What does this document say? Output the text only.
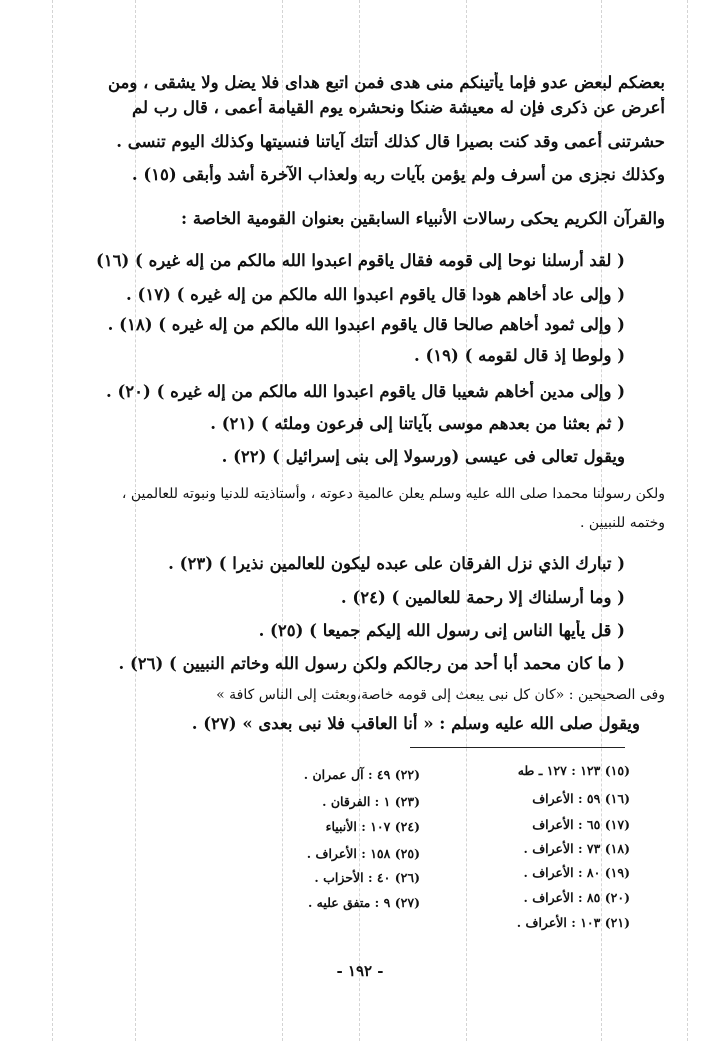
بعضكم لبعض عدو فإما يأتينكم منى هدى فمن اتبع هداى فلا يضل ولا يشقى ، ومن
أعرض عن ذكرى فإن له معيشة ضنكا ونحشره يوم القيامة أعمى ، قال رب لم
حشرتنى أعمى وقد كنت بصيرا قال كذلك أتتك آياتنا فنسيتها وكذلك اليوم تنسى .
وكذلك نجزى من أسرف ولم يؤمن بآيات ربه ولعذاب الآخرة أشد وأبقى (١٥) .
والقرآن الكريم يحكى رسالات الأنبياء السابقين بعنوان القومية الخاصة :
( لقد أرسلنا نوحا إلى قومه فقال ياقوم اعبدوا الله مالكم من إله غيره ) (١٦)
( وإلى عاد أخاهم هودا قال ياقوم اعبدوا الله مالكم من إله غيره ) (١٧) .
( وإلى ثمود أخاهم صالحا قال ياقوم اعبدوا الله مالكم من إله غيره ) (١٨) .
( ولوطا إذ قال لقومه ) (١٩) .
( وإلى مدين أخاهم شعيبا قال ياقوم اعبدوا الله مالكم من إله غيره ) (٢٠) .
( ثم بعثنا من بعدهم موسى بآياتنا إلى فرعون وملئه ) (٢١) .
ويقول تعالى فى عيسى (ورسولا إلى بنى إسرائيل ) (٢٢) .
ولكن رسولنا محمدا صلى الله عليه وسلم يعلن عالمية دعوته ، وأستاذيته للدنيا ونبوته للعالمين ،
وختمه للنبيين .
( تبارك الذي نزل الفرقان على عبده ليكون للعالمين نذيرا ) (٢٣) .
( وما أرسلناك إلا رحمة للعالمين ) (٢٤) .
( قل يأيها الناس إنى رسول الله إليكم جميعا ) (٢٥) .
( ما كان محمد أبا أحد من رجالكم ولكن رسول الله وخاتم النبيين ) (٢٦) .
وفى الصحيحين : «كان كل نبى يبعث إلى قومه خاصة،وبعثت إلى الناس كافة »
ويقول صلى الله عليه وسلم : « أنا العاقب فلا نبى بعدى » (٢٧) .
(١٥) ١٢٣ : ١٢٧ ـ طه
(١٦) ٥٩ : الأعراف
(١٧) ٦٥ : الأعراف
(١٨) ٧٣ : الأعراف .
(١٩) ٨٠ : الأعراف .
(٢٠) ٨٥ : الأعراف .
(٢١) ١٠٣ : الأعراف .
(٢٢) ٤٩ : آل عمران .
(٢٣) ١ : الفرقان .
(٢٤) ١٠٧ : الأنبياء
(٢٥) ١٥٨ : الأعراف .
(٢٦) ٤٠ : الأحزاب .
(٢٧) ٩ : متفق عليه .
- ١٩٢ -
